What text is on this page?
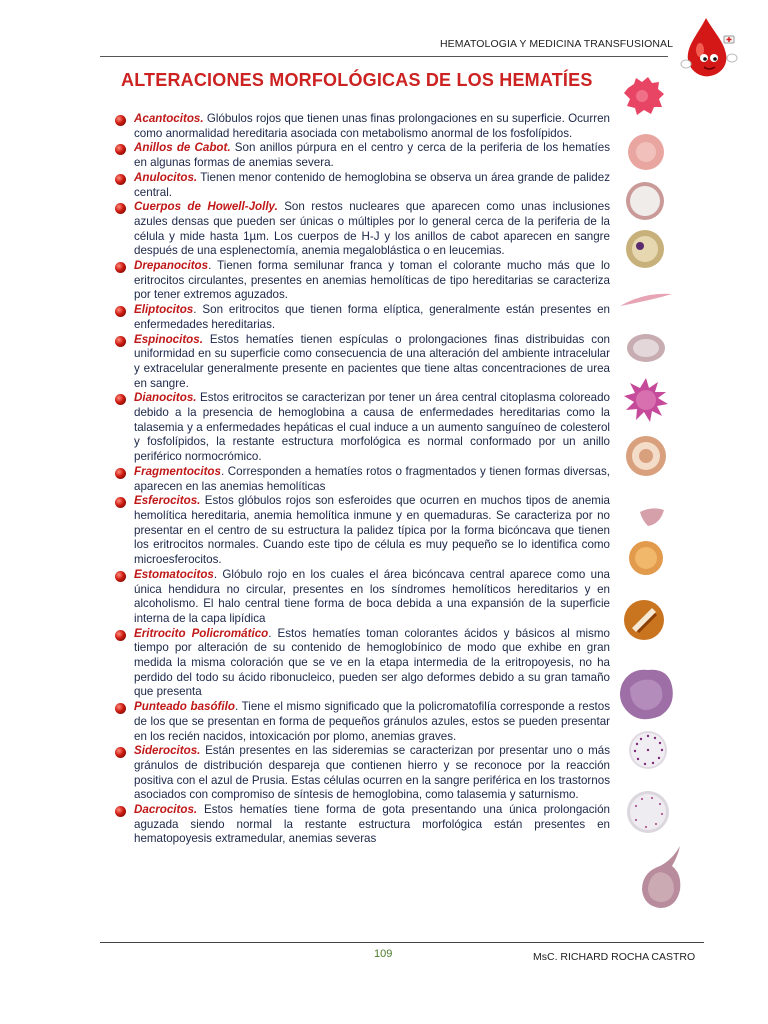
HEMATOLOGIA Y MEDICINA TRANSFUSIONAL
ALTERACIONES MORFOLÓGICAS DE LOS HEMATÍES
Acantocitos. Glóbulos rojos que tienen unas finas prolongaciones en su superficie. Ocurren como anormalidad hereditaria asociada con metabolismo anormal de los fosfolípidos.
Anillos de Cabot. Son anillos púrpura en el centro y cerca de la periferia de los hematíes en algunas formas de anemias severa.
Anulocitos. Tienen menor contenido de hemoglobina se observa un área grande de palidez central.
Cuerpos de Howell-Jolly. Son restos nucleares que aparecen como unas inclusiones azules densas que pueden ser únicas o múltiples por lo general cerca de la periferia de la célula y mide hasta 1µm. Los cuerpos de H-J y los anillos de cabot aparecen en sangre después de una esplenectomía, anemia megaloblástica o en leucemias.
Drepanocitos. Tienen forma semilunar franca y toman el colorante mucho más que lo eritrocitos circulantes, presentes en anemias hemolíticas de tipo hereditarias se caracteriza por tener extremos aguzados.
Eliptocitos. Son eritrocitos que tienen forma elíptica, generalmente están presentes en enfermedades hereditarias.
Espinocitos. Estos hematíes tienen espículas o prolongaciones finas distribuidas con uniformidad en su superficie como consecuencia de una alteración del ambiente intracelular y extracelular generalmente presente en pacientes que tiene altas concentraciones de urea en sangre.
Dianocitos. Estos eritrocitos se caracterizan por tener un área central citoplasma coloreado debido a la presencia de hemoglobina a causa de enfermedades hereditarias como la talasemia y a enfermedades hepáticas el cual induce a un aumento sanguíneo de colesterol y fosfolípidos, la restante estructura morfológica es normal conformado por un anillo periférico normocrómico.
Fragmentocitos. Corresponden a hematíes rotos o fragmentados y tienen formas diversas, aparecen en las anemias hemolíticas
Esferocitos. Estos glóbulos rojos son esferoides que ocurren en muchos tipos de anemia hemolítica hereditaria, anemia hemolítica inmune y en quemaduras. Se caracteriza por no presentar en el centro de su estructura la palidez típica por la forma bicóncava que tienen los eritrocitos normales. Cuando este tipo de célula es muy pequeño se lo identifica como microesferocitos.
Estomatocitos. Glóbulo rojo en los cuales el área bicóncava central aparece como una única hendidura no circular, presentes en los síndromes hemolíticos hereditarios y en alcoholismo. El halo central tiene forma de boca debida a una expansión de la superficie interna de la capa lipídica
Eritrocito Policromático. Estos hematíes toman colorantes ácidos y básicos al mismo tiempo por alteración de su contenido de hemoglobínico de modo que exhibe en gran medida la misma coloración que se ve en la etapa intermedia de la eritropoyesis, no ha perdido del todo su ácido ribonucleico, pueden ser algo deformes debido a su gran tamaño que presenta
Punteado basófilo. Tiene el mismo significado que la policromatofilía corresponde a restos de los que se presentan en forma de pequeños gránulos azules, estos se pueden presentar en los recién nacidos, intoxicación por plomo, anemias graves.
Siderocitos. Están presentes en las sideremias se caracterizan por presentar uno o más gránulos de distribución despareja que contienen hierro y se reconoce por la reacción positiva con el azul de Prusia. Estas células ocurren en la sangre periférica en los trastornos asociados con compromiso de síntesis de hemoglobina, como talasemia y saturnismo.
Dacrocitos. Estos hematíes tiene forma de gota presentando una única prolongación aguzada siendo normal la restante estructura morfológica están presentes en hematopoyesis extramedular, anemias severas
109	MsC. RICHARD ROCHA CASTRO
